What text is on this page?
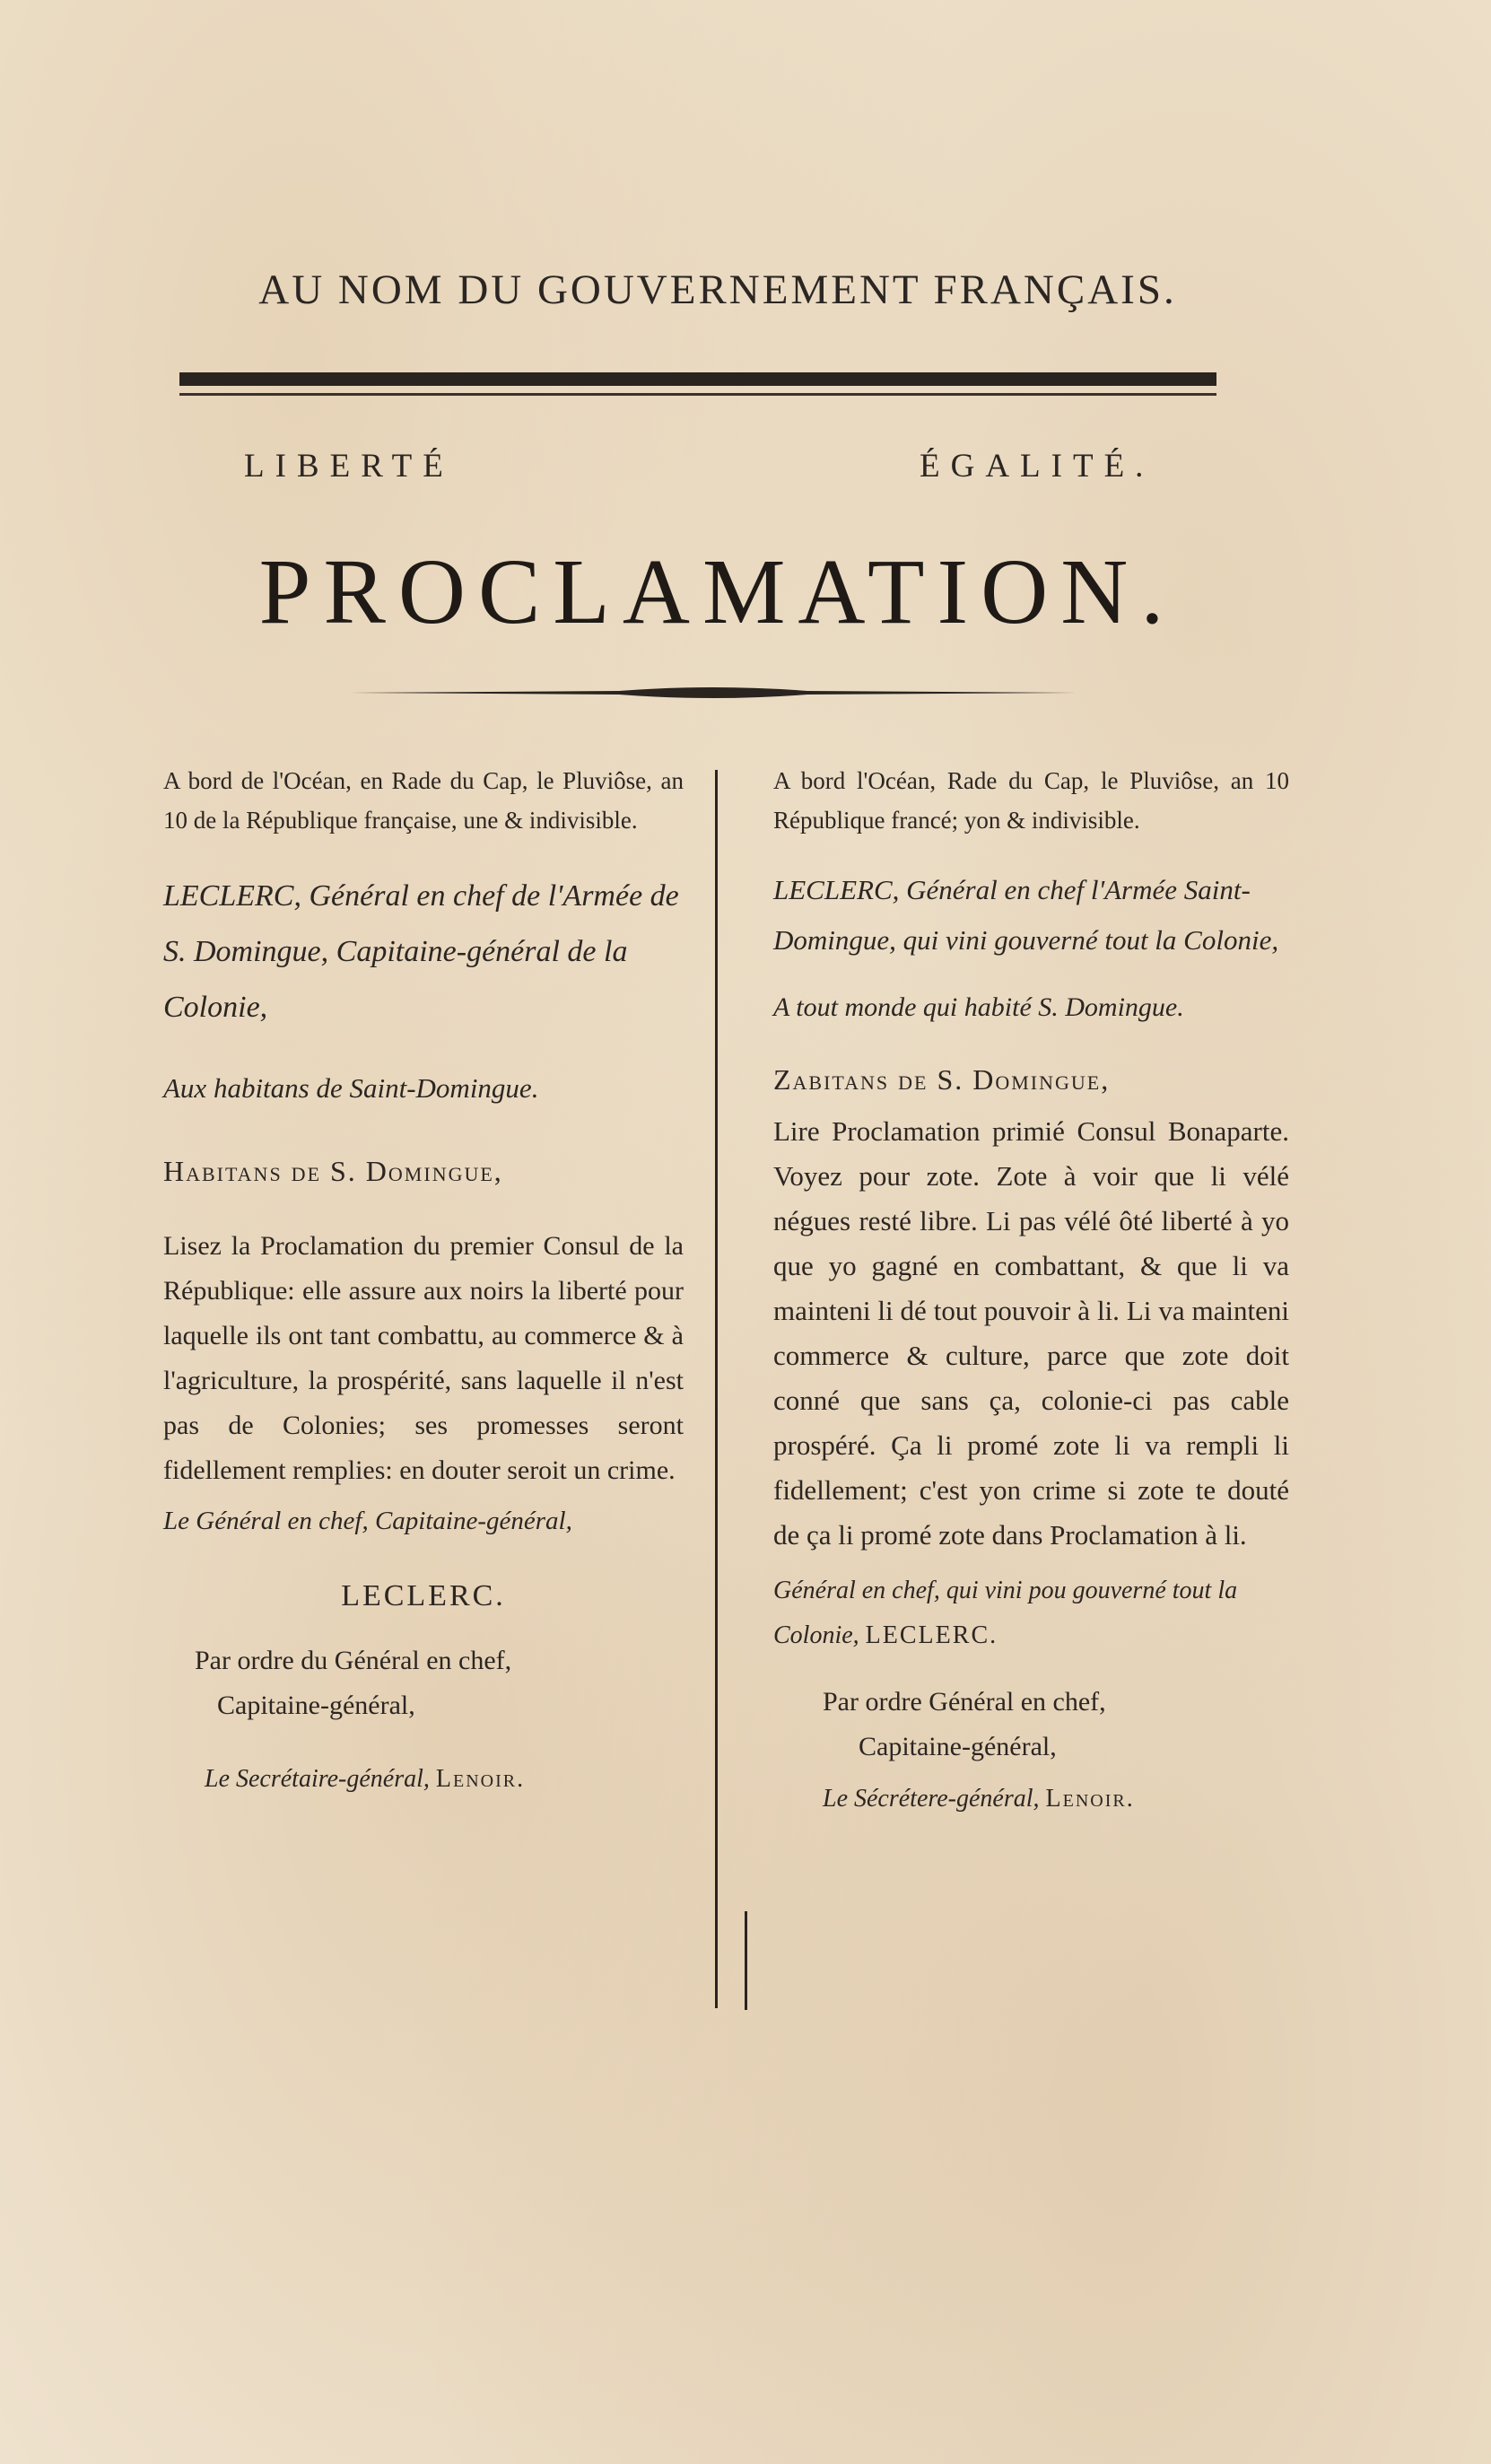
AU NOM DU GOUVERNEMENT FRANÇAIS.
LIBERTÉ	ÉGALITÉ.
PROCLAMATION.

A bord de l'Océan, en Rade du Cap, le Pluviôse, an 10 de la République française, une & indivisible.

LECLERC, Général en chef de l'Armée de S. Domingue, Capitaine-général de la Colonie,

Aux habitans de Saint-Domingue.

Habitans de S. Domingue,

Lisez la Proclamation du premier Consul de la République: elle assure aux noirs la liberté pour laquelle ils ont tant combattu, au commerce & à l'agriculture, la prospérité, sans laquelle il n'est pas de Colonies; ses promesses seront fidellement remplies: en douter seroit un crime.

Le Général en chef, Capitaine-général,

LECLERC.

Par ordre du Général en chef,

Capitaine-général,

Le Secrétaire-général, Lenoir.

A bord l'Océan, Rade du Cap, le Pluviôse, an 10 République francé; yon & indivisible.

LECLERC, Général en chef l'Armée Saint-Domingue, qui vini gouverné tout la Colonie,

A tout monde qui habité S. Domingue.

Zabitans de S. Domingue,

Lire Proclamation primié Consul Bonaparte. Voyez pour zote. Zote à voir que li vélé négues resté libre. Li pas vélé ôté liberté à yo que yo gagné en combattant, & que li va mainteni li dé tout pouvoir à li. Li va mainteni commerce & culture, parce que zote doit conné que sans ça, colonie-ci pas cable prospéré. Ça li promé zote li va rempli li fidellement; c'est yon crime si zote te douté de ça li promé zote dans Proclamation à li.

Général en chef, qui vini pou gouverné tout la Colonie, LECLERC.

Par ordre Général en chef,

Capitaine-général,

Le Sécrétere-général, Lenoir.
